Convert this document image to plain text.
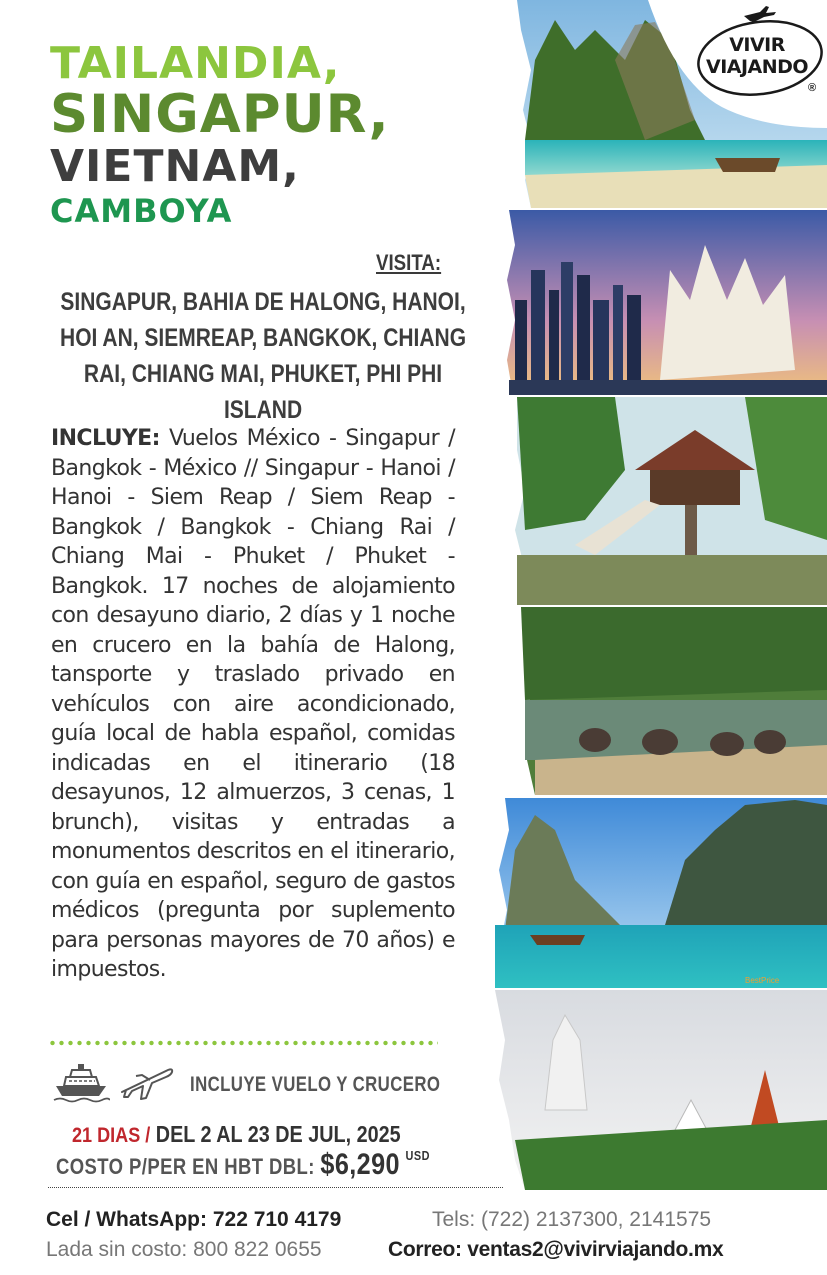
TAILANDIA,
SINGAPUR,
VIETNAM,
CAMBOYA
VISITA:
SINGAPUR, BAHIA DE HALONG, HANOI, HOI AN, SIEMREAP, BANGKOK, CHIANG RAI, CHIANG MAI, PHUKET, PHI PHI ISLAND
INCLUYE: Vuelos México - Singapur / Bangkok - México // Singapur - Hanoi / Hanoi - Siem Reap / Siem Reap - Bangkok / Bangkok - Chiang Rai / Chiang Mai - Phuket / Phuket - Bangkok. 17 noches de alojamiento con desayuno diario, 2 días y 1 noche en crucero en la bahía de Halong, tansporte y traslado privado en vehículos con aire acondicionado, guía local de habla español, comidas indicadas en el itinerario (18 desayunos, 12 almuerzos, 3 cenas, 1 brunch), visitas y entradas a monumentos descritos en el itinerario, con guía en español, seguro de gastos médicos (pregunta por suplemento para personas mayores de 70 años) e impuestos.
INCLUYE VUELO Y CRUCERO
21 DIAS / DEL 2 AL 23 DE JUL, 2025
COSTO P/PER EN HBT DBL: $6,290 $^{USD}$
Cel / WhatsApp: 722 710 4179	Tels: (722) 2137300, 2141575
Lada sin costo: 800 822 0655	Correo: ventas2@vivirviajando.mx
BestPrice
VIVIR
VIAJANDO
®
